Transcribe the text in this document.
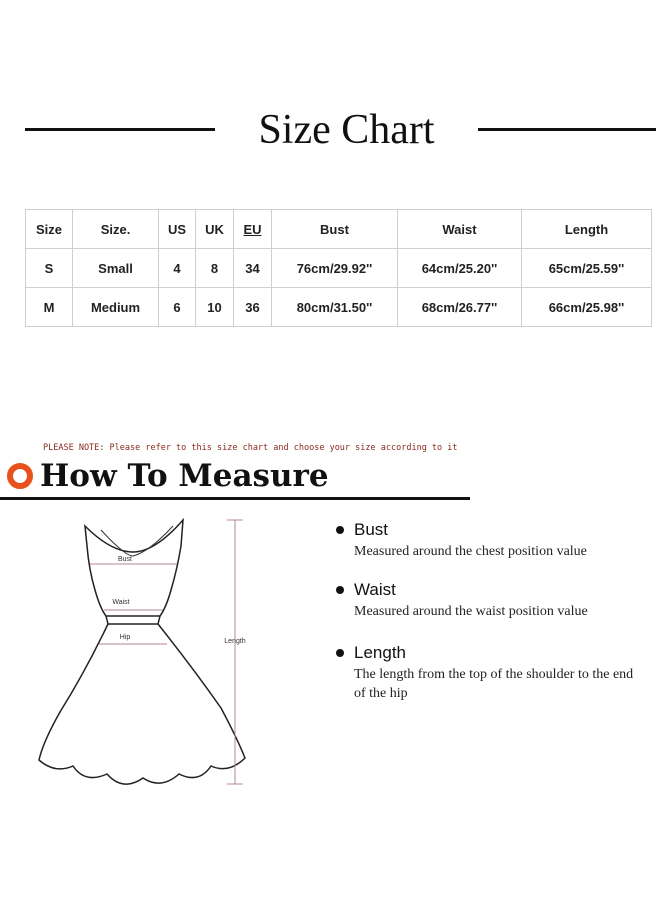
Size Chart
Size	Size.	US	UK	EU	Bust	Waist	Length
S	Small	4	8	34	76cm/29.92''	64cm/25.20''	65cm/25.59''
M	Medium	6	10	36	80cm/31.50''	68cm/26.77''	66cm/25.98''
PLEASE NOTE: Please refer to this size chart and choose your size according to it
How To Measure
Bust
Waist
Hip
Length
Bust
Measured around the chest position value
Waist
Measured around the waist position value
Length
The length from the top of the shoulder to the end of the hip
